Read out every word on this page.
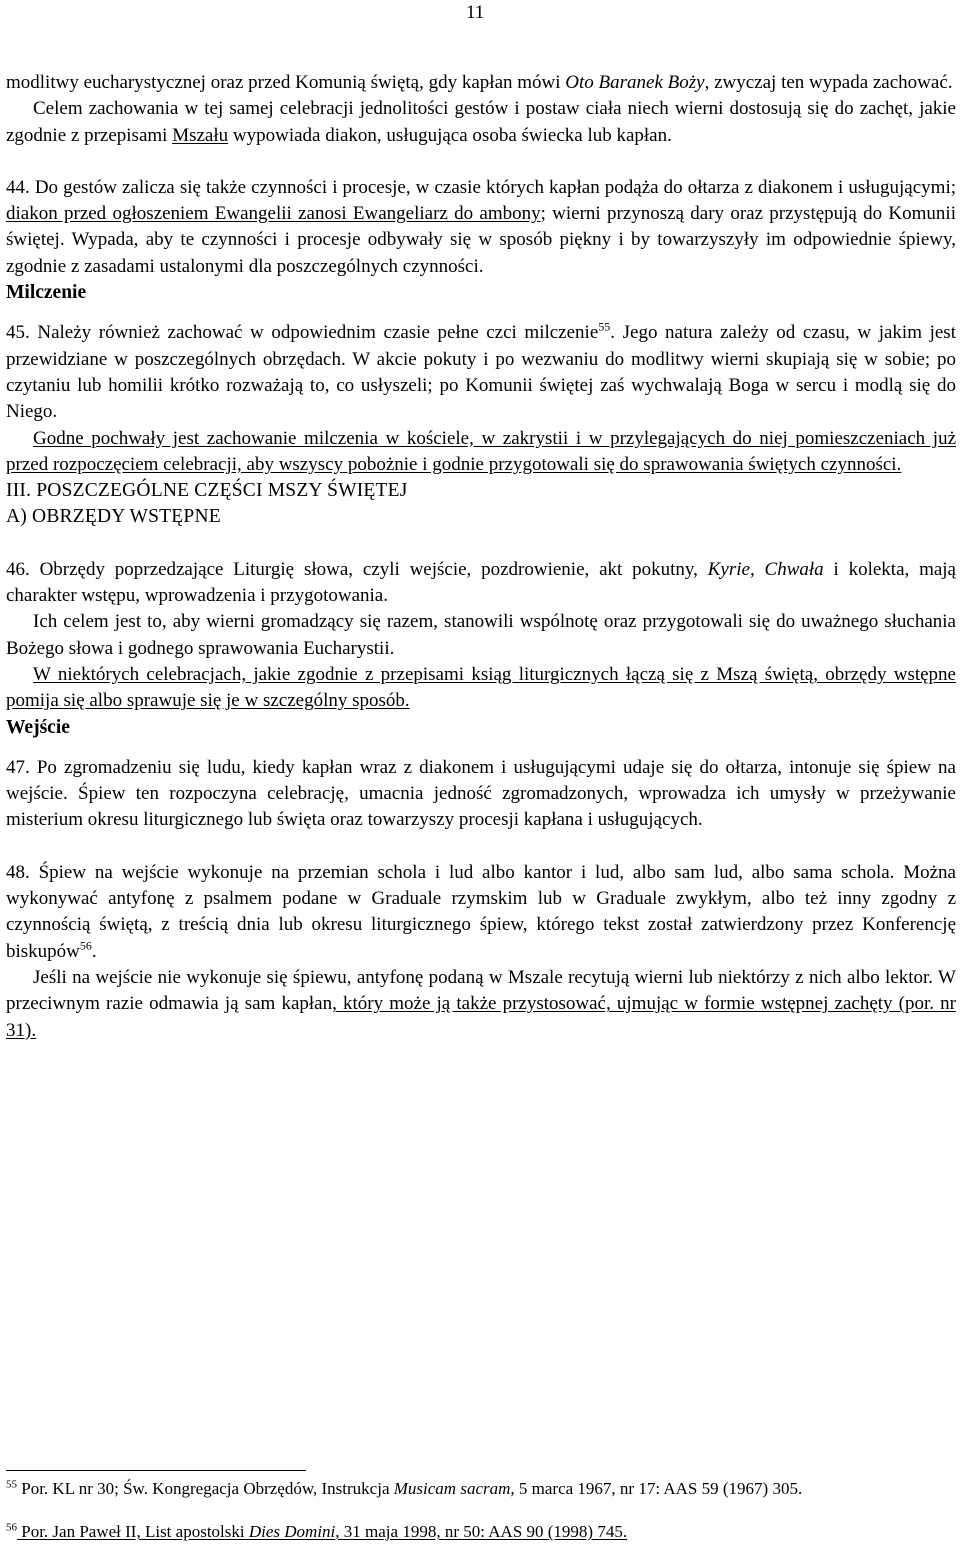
11

modlitwy eucharystycznej oraz przed Komunią świętą, gdy kapłan mówi Oto Baranek Boży, zwyczaj ten wypada zachować.

Celem zachowania w tej samej celebracji jednolitości gestów i postaw ciała niech wierni dostosują się do zachęt, jakie zgodnie z przepisami Mszału wypowiada diakon, usługująca osoba świecka lub kapłan.

44. Do gestów zalicza się także czynności i procesje, w czasie których kapłan podąża do ołtarza z diakonem i usługującymi; diakon przed ogłoszeniem Ewangelii zanosi Ewangeliarz do ambony; wierni przynoszą dary oraz przystępują do Komunii świętej. Wypada, aby te czynności i procesje odbywały się w sposób piękny i by towarzyszyły im odpowiednie śpiewy, zgodnie z zasadami ustalonymi dla poszczególnych czynności.

Milczenie

45. Należy również zachować w odpowiednim czasie pełne czci milczenie$^{55}$. Jego natura zależy od czasu, w jakim jest przewidziane w poszczególnych obrzędach. W akcie pokuty i po wezwaniu do modlitwy wierni skupiają się w sobie; po czytaniu lub homilii krótko rozważają to, co usłyszeli; po Komunii świętej zaś wychwalają Boga w sercu i modlą się do Niego.

Godne pochwały jest zachowanie milczenia w kościele, w zakrystii i w przylegających do niej pomieszczeniach już przed rozpoczęciem celebracji, aby wszyscy pobożnie i godnie przygotowali się do sprawowania świętych czynności.

III. POSZCZEGÓLNE CZĘŚCI MSZY ŚWIĘTEJ

A) OBRZĘDY WSTĘPNE

46. Obrzędy poprzedzające Liturgię słowa, czyli wejście, pozdrowienie, akt pokutny, Kyrie, Chwała i kolekta, mają charakter wstępu, wprowadzenia i przygotowania.

Ich celem jest to, aby wierni gromadzący się razem, stanowili wspólnotę oraz przygotowali się do uważnego słuchania Bożego słowa i godnego sprawowania Eucharystii.

W niektórych celebracjach, jakie zgodnie z przepisami ksiąg liturgicznych łączą się z Mszą świętą, obrzędy wstępne pomija się albo sprawuje się je w szczególny sposób.

Wejście

47. Po zgromadzeniu się ludu, kiedy kapłan wraz z diakonem i usługującymi udaje się do ołtarza, intonuje się śpiew na wejście. Śpiew ten rozpoczyna celebrację, umacnia jedność zgromadzonych, wprowadza ich umysły w przeżywanie misterium okresu liturgicznego lub święta oraz towarzyszy procesji kapłana i usługujących.

48. Śpiew na wejście wykonuje na przemian schola i lud albo kantor i lud, albo sam lud, albo sama schola. Można wykonywać antyfonę z psalmem podane w Graduale rzymskim lub w Graduale zwykłym, albo też inny zgodny z czynnością świętą, z treścią dnia lub okresu liturgicznego śpiew, którego tekst został zatwierdzony przez Konferencję biskupów$^{56}$.

Jeśli na wejście nie wykonuje się śpiewu, antyfonę podaną w Mszale recytują wierni lub niektórzy z nich albo lektor. W przeciwnym razie odmawia ją sam kapłan, który może ją także przystosować, ujmując w formie wstępnej zachęty (por. nr 31).

$^{55}$ Por. KL nr 30; Św. Kongregacja Obrzędów, Instrukcja Musicam sacram, 5 marca 1967, nr 17: AAS 59 (1967) 305.
$^{56}$ Por. Jan Paweł II, List apostolski Dies Domini, 31 maja 1998, nr 50: AAS 90 (1998) 745.
